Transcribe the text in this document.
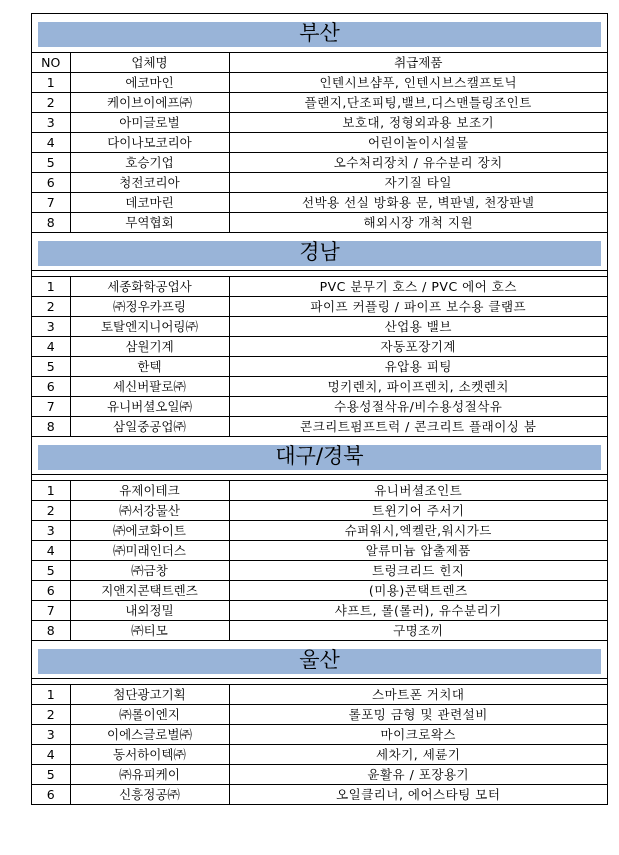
부산
NO	업체명	취급제품
1	에코마인	인텐시브샴푸, 인텐시브스캘프토닉
2	케이브이에프㈜	플랜지,단조피팅,밸브,디스맨틀링조인트
3	아미글로벌	보호대, 정형외과용 보조기
4	다이나모코리아	어린이놀이시설물
5	호승기업	오수처리장치 / 유수분리 장치
6	청전코리아	자기질 타일
7	데코마린	선박용 선실 방화용 문, 벽판넬, 천장판넬
8	무역협회	해외시장 개척 지원
경남
1	세종화학공업사	PVC 분무기 호스 / PVC 에어 호스
2	㈜정우카프링	파이프 커플링 / 파이프 보수용 클램프
3	토탈엔지니어링㈜	산업용 밸브
4	삼원기계	자동포장기계
5	한텍	유압용 피팅
6	세신버팔로㈜	멍키렌치, 파이프렌치, 소켓렌치
7	유니버셜오일㈜	수용성절삭유/비수용성절삭유
8	삼일중공업㈜	콘크리트펌프트럭 / 콘크리트 플래이싱 붐
대구/경북
1	유제이테크	유니버셜조인트
2	㈜서강물산	트윈기어 주서기
3	㈜에코화이트	슈퍼워시,엑켈란,워시가드
4	㈜미래인더스	알류미늄 압출제품
5	㈜금창	트렁크리드 힌지
6	지앤지콘택트렌즈	(미용)콘택트렌즈
7	내외정밀	샤프트, 롤(롤러), 유수분리기
8	㈜티모	구명조끼
울산
1	첨단광고기획	스마트폰 거치대
2	㈜롤이엔지	롤포밍 금형 및 관련설비
3	이에스글로벌㈜	마이크로왁스
4	동서하이텍㈜	세차기, 세륜기
5	㈜유피케이	윤활유 / 포장용기
6	신흥정공㈜	오일클리너, 에어스타팅 모터
